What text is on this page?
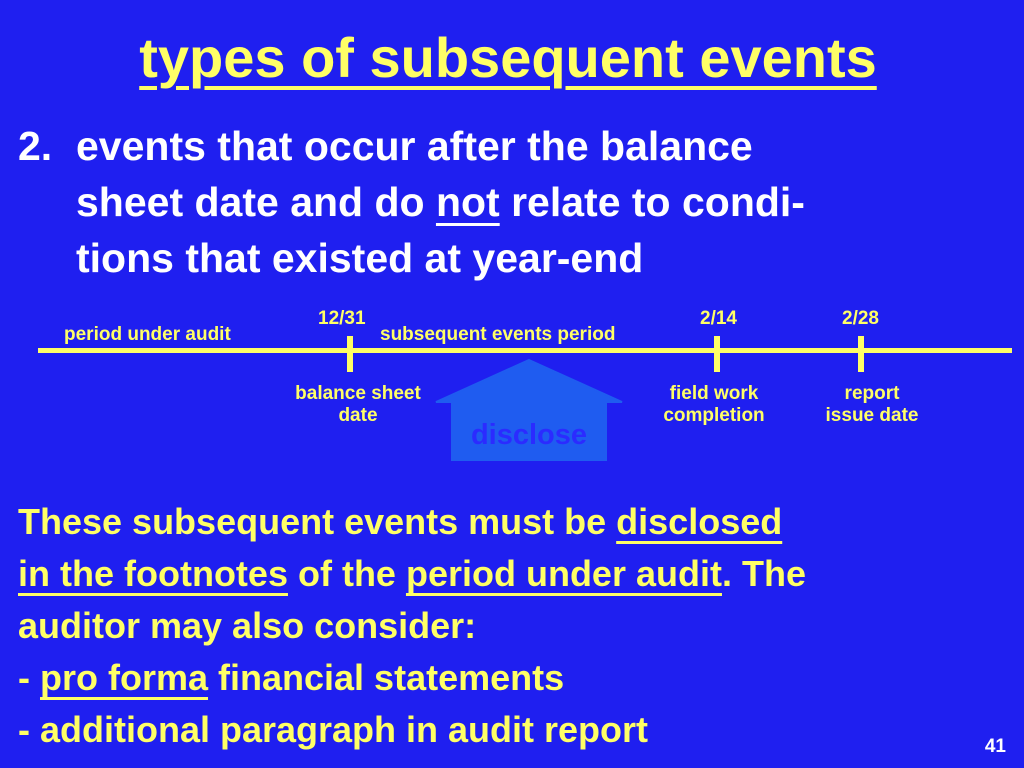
types of subsequent events
2. events that occur after the balance
sheet date and do not relate to condi-
tions that existed at year-end
12/31	2/14	2/28
period under audit	subsequent events period
balance sheet
date
field work
completion
report
issue date
disclose
These subsequent events must be disclosed
in the footnotes of the period under audit. The
auditor may also consider:
- pro forma financial statements
- additional paragraph in audit report	41
